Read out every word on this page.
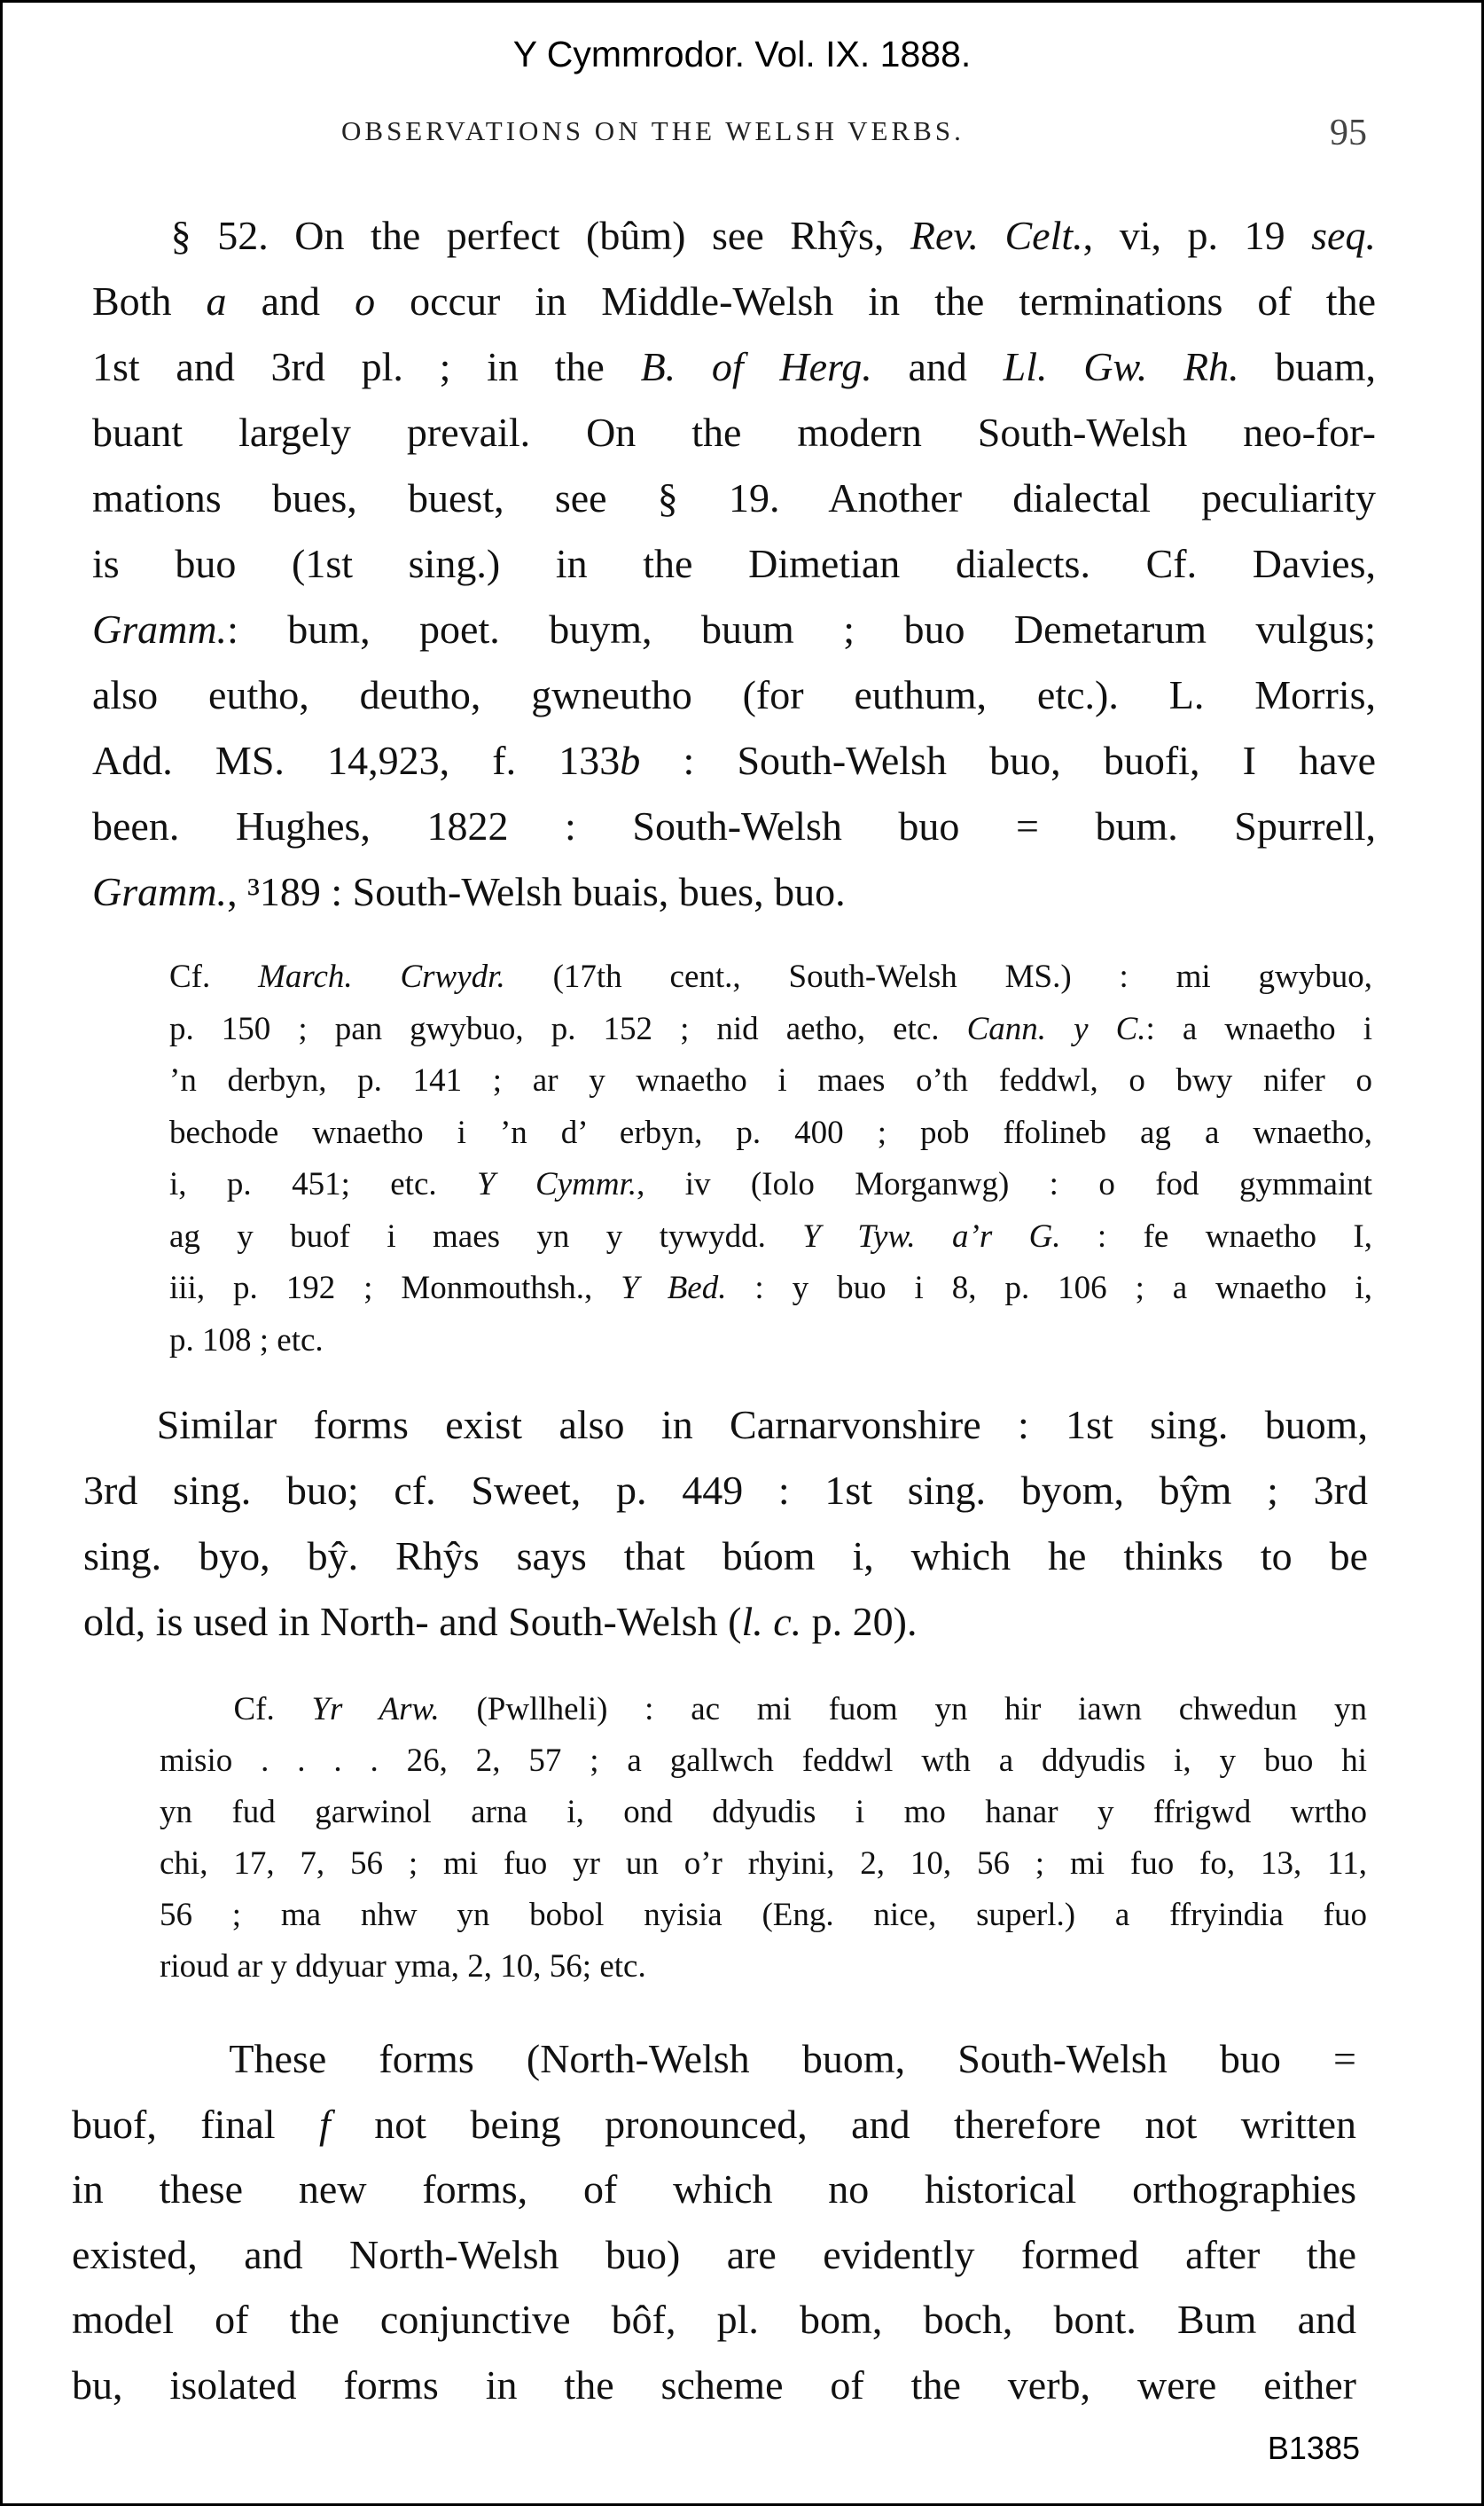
Y Cymmrodor. Vol. IX. 1888.
OBSERVATIONS ON THE WELSH VERBS.	95
§ 52. On the perfect (bûm) see Rhŷs, Rev. Celt., vi, p. 19 seq.
Both a and o occur in Middle-Welsh in the terminations of the
1st and 3rd pl. ; in the B. of Herg. and Ll. Gw. Rh. buam,
buant largely prevail. On the modern South-Welsh neo-for-
mations bues, buest, see § 19. Another dialectal peculiarity
is buo (1st sing.) in the Dimetian dialects. Cf. Davies,
Gramm.: bum, poet. buym, buum ; buo Demetarum vulgus;
also eutho, deutho, gwneutho (for euthum, etc.). L. Morris,
Add. MS. 14,923, f. 133b : South-Welsh buo, buofi, I have
been. Hughes, 1822 : South-Welsh buo = bum. Spurrell,
Gramm., ³189 : South-Welsh buais, bues, buo.
Cf. March. Crwydr. (17th cent., South-Welsh MS.) : mi gwybuo,
p. 150 ; pan gwybuo, p. 152 ; nid aetho, etc. Cann. y C.: a wnaetho i
’n derbyn, p. 141 ; ar y wnaetho i maes o’th feddwl, o bwy nifer o
bechode wnaetho i ’n d’ erbyn, p. 400 ; pob ffolineb ag a wnaetho,
i, p. 451; etc. Y Cymmr., iv (Iolo Morganwg) : o fod gymmaint
ag y buof i maes yn y tywydd. Y Tyw. a’r G. : fe wnaetho I,
iii, p. 192 ; Monmouthsh., Y Bed. : y buo i 8, p. 106 ; a wnaetho i,
p. 108 ; etc.
Similar forms exist also in Carnarvonshire : 1st sing. buom,
3rd sing. buo; cf. Sweet, p. 449 : 1st sing. byom, bŷm ; 3rd
sing. byo, bŷ. Rhŷs says that búom i, which he thinks to be
old, is used in North- and South-Welsh (l. c. p. 20).
Cf. Yr Arw. (Pwllheli) : ac mi fuom yn hir iawn chwedun yn
misio . . . . 26, 2, 57 ; a gallwch feddwl wth a ddyudis i, y buo hi
yn fud garwinol arna i, ond ddyudis i mo hanar y ffrigwd wrtho
chi, 17, 7, 56 ; mi fuo yr un o’r rhyini, 2, 10, 56 ; mi fuo fo, 13, 11,
56 ; ma nhw yn bobol nyisia (Eng. nice, superl.) a ffryindia fuo
rioud ar y ddyuar yma, 2, 10, 56; etc.
These forms (North-Welsh buom, South-Welsh buo =
buof, final f not being pronounced, and therefore not written
in these new forms, of which no historical orthographies
existed, and North-Welsh buo) are evidently formed after the
model of the conjunctive bôf, pl. bom, boch, bont. Bum and
bu, isolated forms in the scheme of the verb, were either
B1385
